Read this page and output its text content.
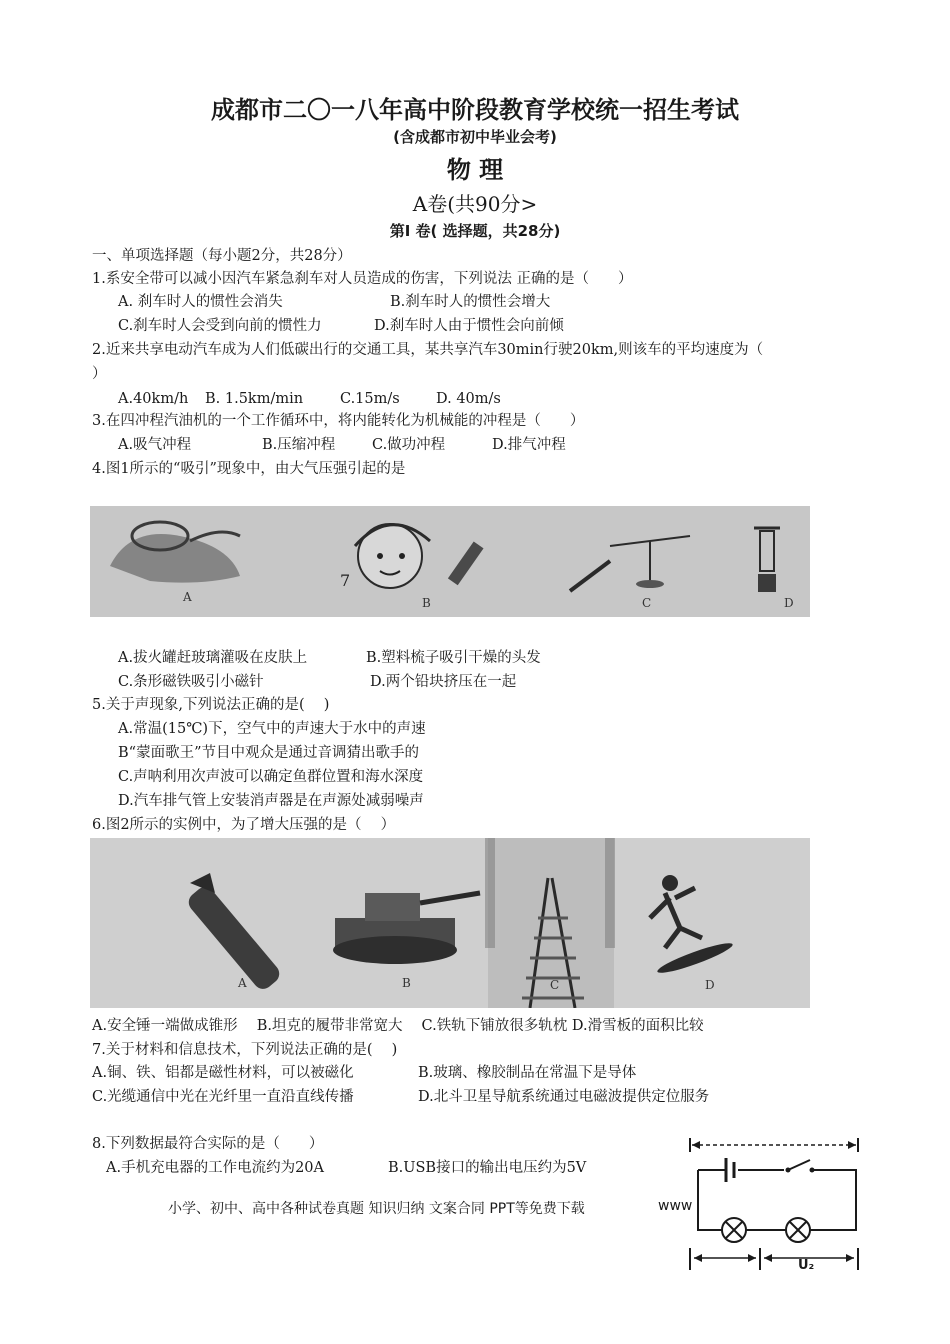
成都市二〇一八年高中阶段教育学校统一招生考试
(含成都市初中毕业会考)
物 理
A卷(共90分>
第I 卷( 选择题，共28分)
一、单项选择题（每小题2分，共28分）
1.系安全带可以减小因汽车紧急刹车对人员造成的伤害，下列说法 正确的是（　　）
A. 刹车时人的惯性会消失	B.刹车时人的惯性会增大
C.刹车时人会受到向前的惯性力	D.刹车时人由于惯性会向前倾
2.近来共享电动汽车成为人们低碳出行的交通工具，某共享汽车30min行驶20km,则该车的平均速度为（
）
A.40km/h B. 1.5km/min	C.15m/s	D. 40m/s
3.在四冲程汽油机的一个工作循环中，将内能转化为机械能的冲程是（　　）
A.吸气冲程	B.压缩冲程	C.做功冲程	D.排气冲程
4.图1所示的“吸引”现象中，由大气压强引起的是
7
A	B	C	D
A.拔火罐赶玻璃灌吸在皮肤上	B.塑料梳子吸引干燥的头发
C.条形磁铁吸引小磁针	D.两个铅块挤压在一起
5.关于声现象,下列说法正确的是(　 )
A.常温(15℃)下，空气中的声速大于水中的声速
B“蒙面歌王”节目中观众是通过音调猜出歌手的
C.声呐利用次声波可以确定鱼群位置和海水深度
D.汽车排气管上安装消声器是在声源处减弱噪声
6.图2所示的实例中，为了增大压强的是（　 ）
A	B	C	D
A.安全锤一端做成锥形　 B.坦克的履带非常宽大　 C.铁轨下铺放很多轨枕 D.滑雪板的面积比较
7.关于材料和信息技术，下列说法正确的是(　 )
A.铜、铁、铝都是磁性材料，可以被磁化	B.玻璃、橡胶制品在常温下是导体
C.光缆通信中光在光纤里一直沿直线传播	D.北斗卫星导航系统通过电磁波提供定位服务
8.下列数据最符合实际的是（　　）
A.手机充电器的工作电流约为20A	B.USB接口的输出电压约为5V
U₂
小学、初中、高中各种试卷真题 知识归纳 文案合同 PPT等免费下载	www
